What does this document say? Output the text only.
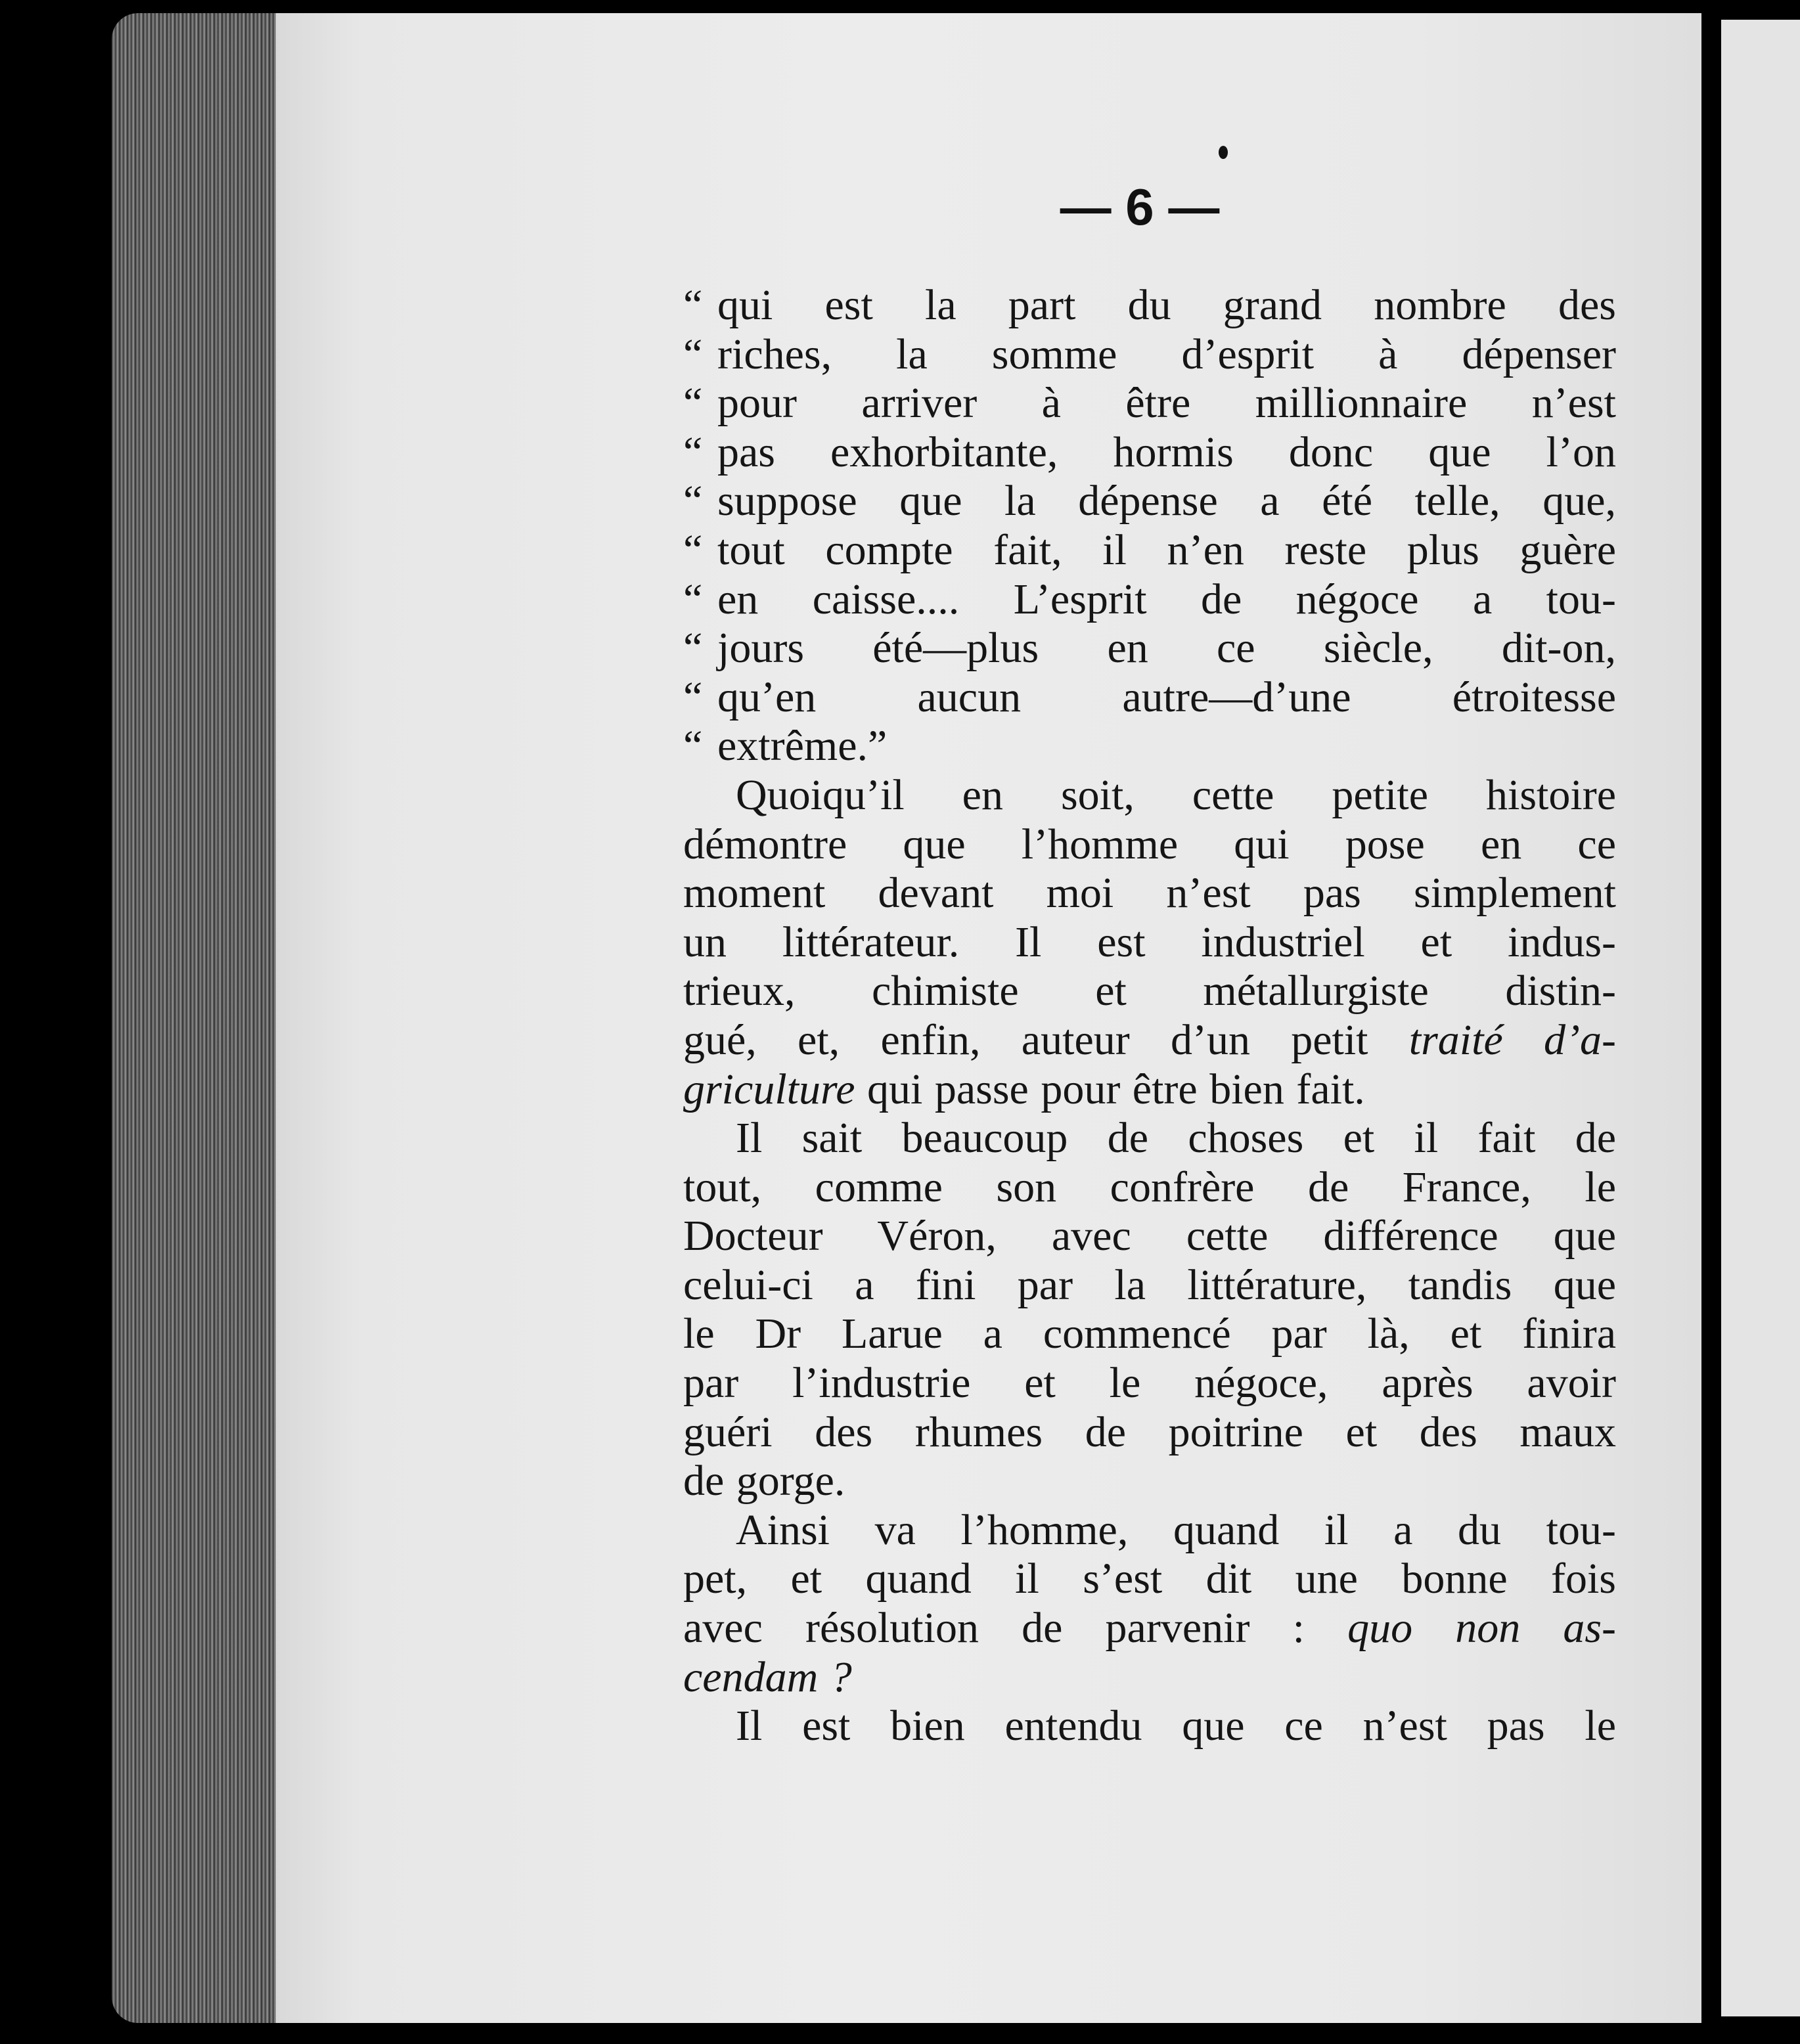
— 6 —
“ qui est la part du grand nombre des
“ riches, la somme d’esprit à dépenser
“ pour arriver à être millionnaire n’est
“ pas exhorbitante, hormis donc que l’on
“ suppose que la dépense a été telle, que,
“ tout compte fait, il n’en reste plus guère
“ en caisse.... L’esprit de négoce a tou-
“ jours été—plus en ce siècle, dit-on,
“ qu’en aucun autre—d’une étroitesse
“ extrême.”
Quoiqu’il en soit, cette petite histoire
démontre que l’homme qui pose en ce
moment devant moi n’est pas simplement
un littérateur. Il est industriel et indus-
trieux, chimiste et métallurgiste distin-
gué, et, enfin, auteur d’un petit traité d’a-
griculture qui passe pour être bien fait.
Il sait beaucoup de choses et il fait de
tout, comme son confrère de France, le
Docteur Véron, avec cette différence que
celui-ci a fini par la littérature, tandis que
le Dr Larue a commencé par là, et finira
par l’industrie et le négoce, après avoir
guéri des rhumes de poitrine et des maux
de gorge.
Ainsi va l’homme, quand il a du tou-
pet, et quand il s’est dit une bonne fois
avec résolution de parvenir : quo non as-
cendam ?
Il est bien entendu que ce n’est pas le
